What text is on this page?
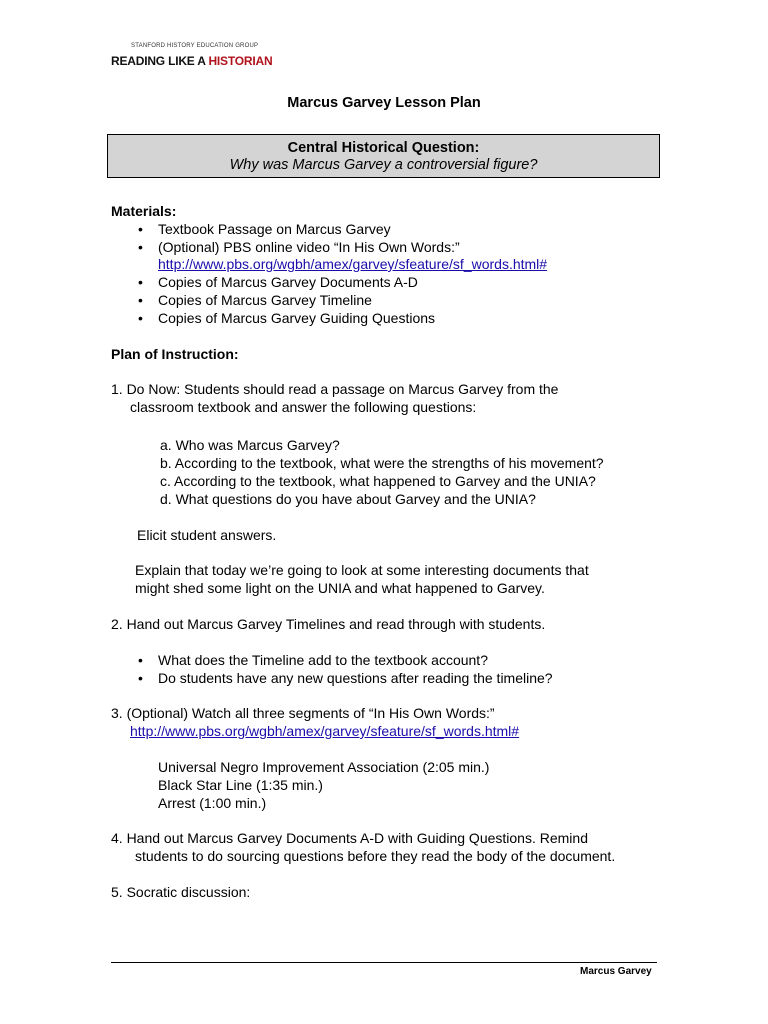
STANFORD HISTORY EDUCATION GROUP
READING LIKE A HISTORIAN
Marcus Garvey Lesson Plan
Central Historical Question:
Why was Marcus Garvey a controversial figure?
Materials:
• Textbook Passage on Marcus Garvey
• (Optional) PBS online video “In His Own Words:”
http://www.pbs.org/wgbh/amex/garvey/sfeature/sf_words.html#
• Copies of Marcus Garvey Documents A-D
• Copies of Marcus Garvey Timeline
• Copies of Marcus Garvey Guiding Questions
Plan of Instruction:
1. Do Now: Students should read a passage on Marcus Garvey from the
classroom textbook and answer the following questions:
a. Who was Marcus Garvey?
b. According to the textbook, what were the strengths of his movement?
c. According to the textbook, what happened to Garvey and the UNIA?
d. What questions do you have about Garvey and the UNIA?
Elicit student answers.
Explain that today we’re going to look at some interesting documents that
might shed some light on the UNIA and what happened to Garvey.
2. Hand out Marcus Garvey Timelines and read through with students.
• What does the Timeline add to the textbook account?
• Do students have any new questions after reading the timeline?
3. (Optional) Watch all three segments of “In His Own Words:”
http://www.pbs.org/wgbh/amex/garvey/sfeature/sf_words.html#
Universal Negro Improvement Association (2:05 min.)
Black Star Line (1:35 min.)
Arrest (1:00 min.)
4. Hand out Marcus Garvey Documents A-D with Guiding Questions. Remind
students to do sourcing questions before they read the body of the document.
5. Socratic discussion:
Marcus Garvey
